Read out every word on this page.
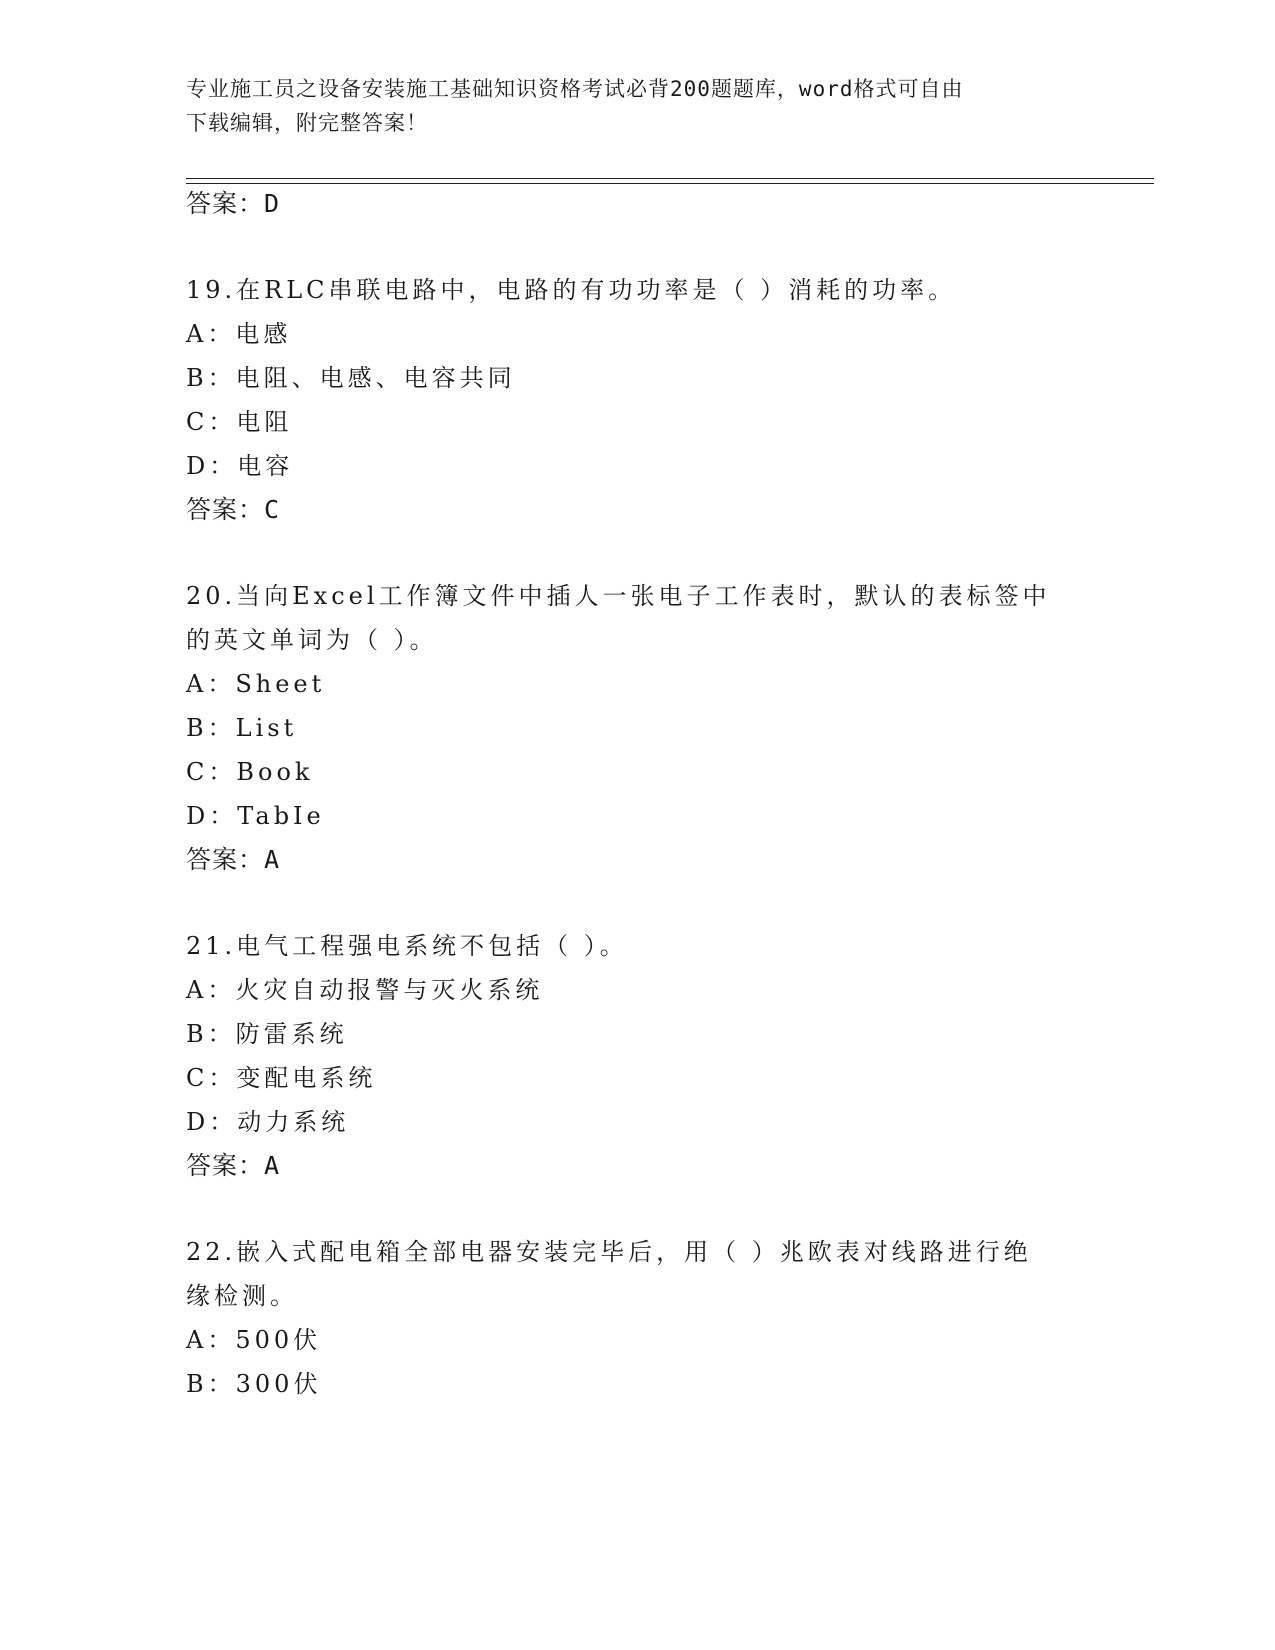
专业施工员之设备安装施工基础知识资格考试必背200题题库，word格式可自由
下载编辑，附完整答案！
答案：D
19.在RLC串联电路中，电路的有功功率是（ ）消耗的功率。
A：电感
B：电阻、电感、电容共同
C：电阻
D：电容
答案：C
20.当向Excel工作簿文件中插人一张电子工作表时，默认的表标签中
的英文单词为（ ）。
A：Sheet
B：List
C：Book
D：TabIe
答案：A
21.电气工程强电系统不包括（ ）。
A：火灾自动报警与灭火系统
B：防雷系统
C：变配电系统
D：动力系统
答案：A
22.嵌入式配电箱全部电器安装完毕后，用（ ）兆欧表对线路进行绝
缘检测。
A：500伏
B：300伏
